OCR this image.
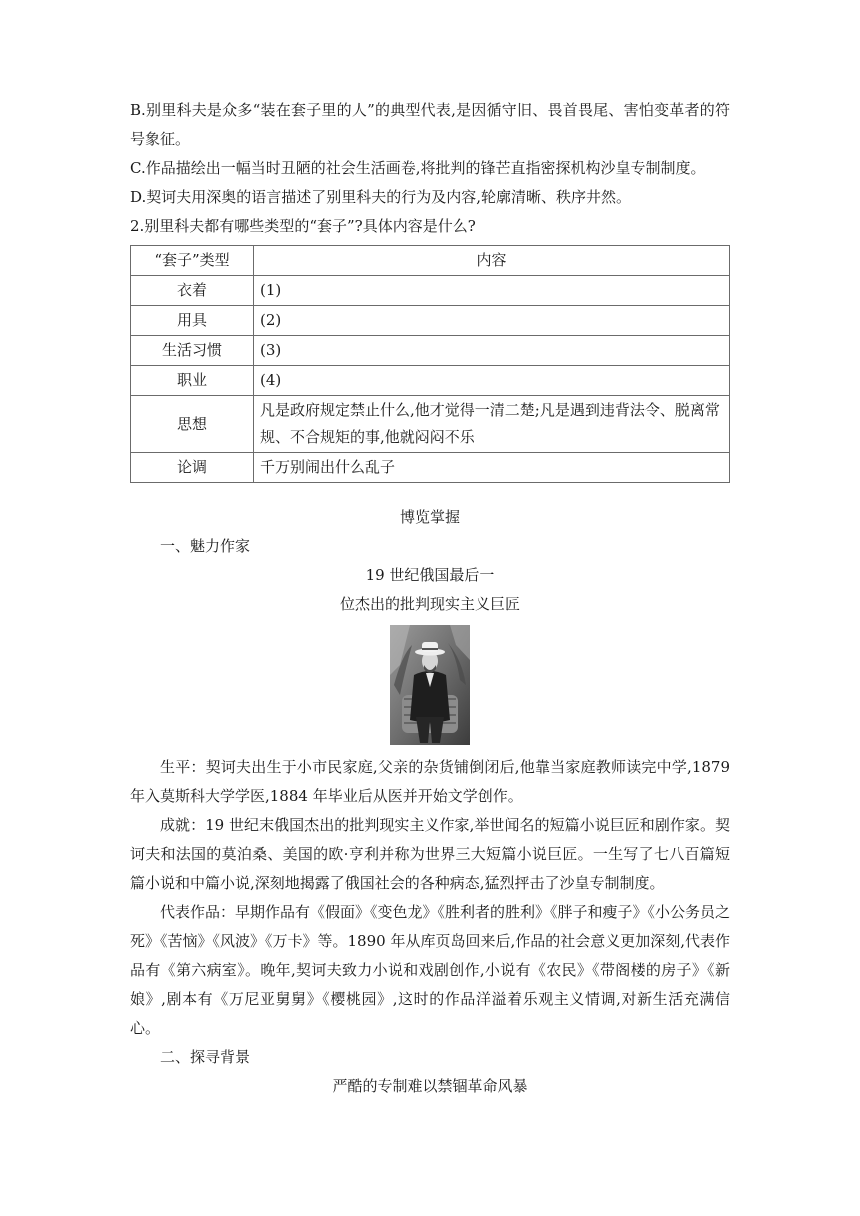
B.别里科夫是众多“装在套子里的人”的典型代表,是因循守旧、畏首畏尾、害怕变革者的符号象征。

C.作品描绘出一幅当时丑陋的社会生活画卷,将批判的锋芒直指密探机构沙皇专制制度。

D.契诃夫用深奥的语言描述了别里科夫的行为及内容,轮廓清晰、秩序井然。

2.别里科夫都有哪些类型的“套子”?具体内容是什么?

“套子”类型	内容
衣着	(1)
用具	(2)
生活习惯	(3)
职业	(4)
思想	凡是政府规定禁止什么,他才觉得一清二楚;凡是遇到违背法令、脱离常规、不合规矩的事,他就闷闷不乐
论调	千万别闹出什么乱子

博览掌握

一、魅力作家

19 世纪俄国最后一

位杰出的批判现实主义巨匠

生平：契诃夫出生于小市民家庭,父亲的杂货铺倒闭后,他靠当家庭教师读完中学,1879 年入莫斯科大学学医,1884 年毕业后从医并开始文学创作。

成就：19 世纪末俄国杰出的批判现实主义作家,举世闻名的短篇小说巨匠和剧作家。契诃夫和法国的莫泊桑、美国的欧·亨利并称为世界三大短篇小说巨匠。一生写了七八百篇短篇小说和中篇小说,深刻地揭露了俄国社会的各种病态,猛烈抨击了沙皇专制制度。

代表作品：早期作品有《假面》《变色龙》《胜利者的胜利》《胖子和瘦子》《小公务员之死》《苦恼》《风波》《万卡》等。1890 年从库页岛回来后,作品的社会意义更加深刻,代表作品有《第六病室》。晚年,契诃夫致力小说和戏剧创作,小说有《农民》《带阁楼的房子》《新娘》,剧本有《万尼亚舅舅》《樱桃园》,这时的作品洋溢着乐观主义情调,对新生活充满信心。

二、探寻背景

严酷的专制难以禁锢革命风暴
